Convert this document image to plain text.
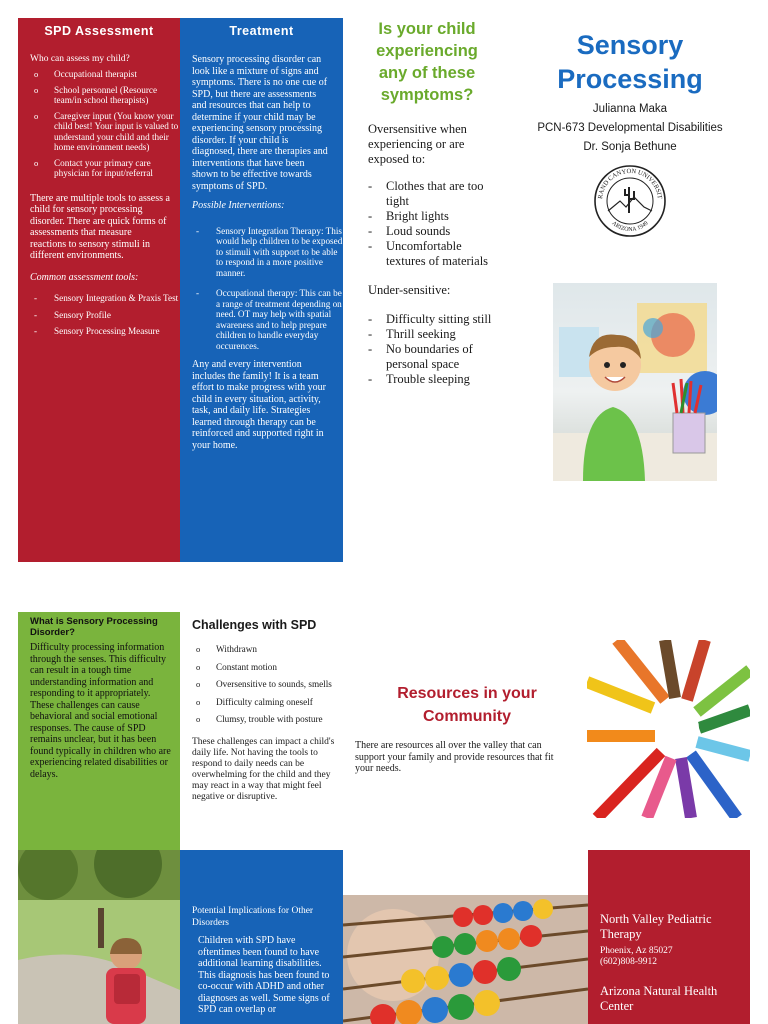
SPD Assessment

Who can assess my child?

o Occupational therapist
o School personnel (Resource team/in school therapists)
o Caregiver input (You know your child best! Your input is valued to understand your child and their home environment needs)
o Contact your primary care physician for input/referral

There are multiple tools to assess a child for sensory processing disorder. There are quick forms of assessments that measure reactions to sensory stimuli in different environments.

Common assessment tools:

- Sensory Integration & Praxis Test
- Sensory Profile
- Sensory Processing Measure
Treatment

Sensory processing disorder can look like a mixture of signs and symptoms. There is no one cue of SPD, but there are assessments and resources that can help to determine if your child may be experiencing sensory processing disorder. If your child is diagnosed, there are therapies and interventions that have been shown to be effective towards symptoms of SPD.

Possible Interventions:

- Sensory Integration Therapy: This would help children to be exposed to stimuli with support to be able to respond in a more positive manner.
- Occupational therapy: This can be a range of treatment depending on need. OT may help with spatial awareness and to help prepare children to handle everyday occurences.

Any and every intervention includes the family! It is a team effort to make progress with your child in every situation, activity, task, and daily life. Strategies learned through therapy can be reinforced and supported right in your home.

Is your child experiencing any of these symptoms?

Oversensitive when experiencing or are exposed to:

- Clothes that are too tight
- Bright lights
- Loud sounds
- Uncomfortable textures of materials

Under-sensitive:

- Difficulty sitting still
- Thrill seeking
- No boundaries of personal space
- Trouble sleeping
Sensory Processing
Julianna Maka
PCN-673 Developmental Disabilities
Dr. Sonja Bethune
RAND CANYON UNIVERSIT
ARIZONA 1949
What is Sensory Processing Disorder?

Difficulty processing information through the senses. This difficulty can result in a tough time understanding information and responding to it appropriately. These challenges can cause behavioral and social emotional responses. The cause of SPD remains unclear, but it has been found typically in children who are experiencing related disabilities or delays.

Challenges with SPD
o Withdrawn
o Constant motion
o Oversensitive to sounds, smells
o Difficulty calming oneself
o Clumsy, trouble with posture

These challenges can impact a child's daily life. Not having the tools to respond to daily needs can be overwhelming for the child and they may react in a way that might feel negative or disruptive.

Potential Implications for Other Disorders

Children with SPD have oftentimes been found to have additional learning disabilities. This diagnosis has been found to co-occur with ADHD and other diagnoses as well. Some signs of SPD can overlap or

Resources in your Community

There are resources all over the valley that can support your family and provide resources that fit your needs.

North Valley Pediatric Therapy
Phoenix, Az 85027
(602)808-9912
Arizona Natural Health Center
